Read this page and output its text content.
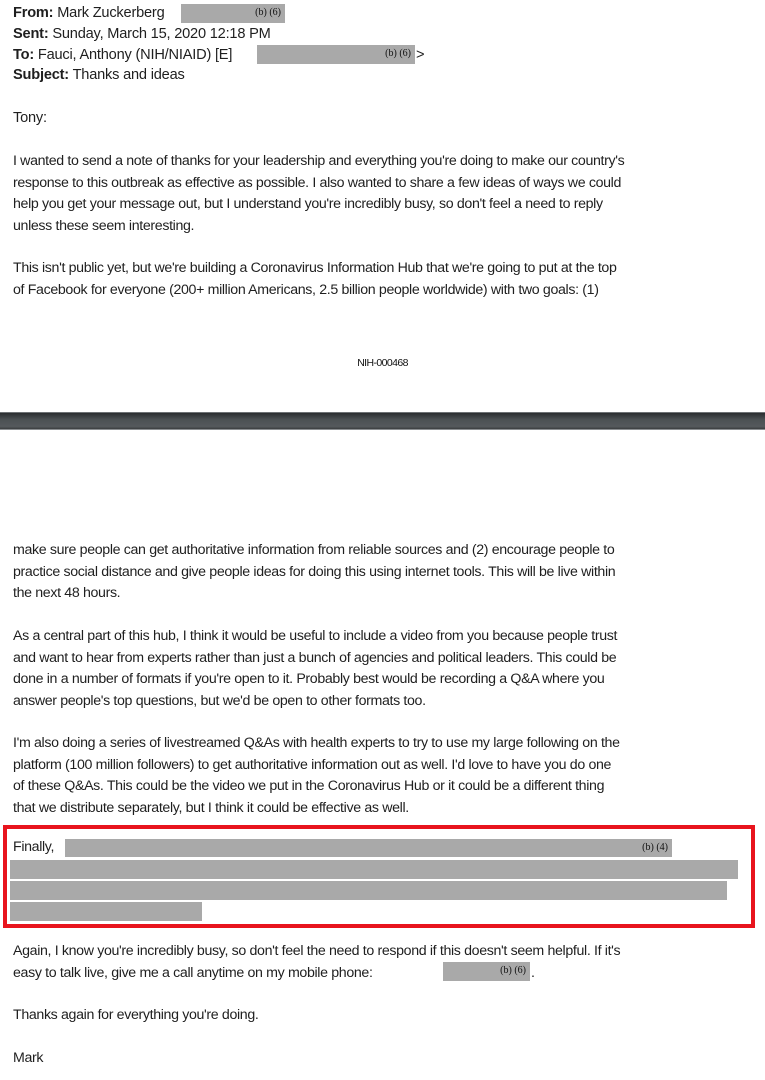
From: Mark Zuckerberg	(b) (6)
Sent: Sunday, March 15, 2020 12:18 PM
To: Fauci, Anthony (NIH/NIAID) [E]	(b) (6) >
Subject: Thanks and ideas
Tony:
I wanted to send a note of thanks for your leadership and everything you're doing to make our country's
response to this outbreak as effective as possible. I also wanted to share a few ideas of ways we could
help you get your message out, but I understand you're incredibly busy, so don't feel a need to reply
unless these seem interesting.
This isn't public yet, but we're building a Coronavirus Information Hub that we're going to put at the top
of Facebook for everyone (200+ million Americans, 2.5 billion people worldwide) with two goals: (1)
NIH-000468
make sure people can get authoritative information from reliable sources and (2) encourage people to
practice social distance and give people ideas for doing this using internet tools. This will be live within
the next 48 hours.
As a central part of this hub, I think it would be useful to include a video from you because people trust
and want to hear from experts rather than just a bunch of agencies and political leaders. This could be
done in a number of formats if you're open to it. Probably best would be recording a Q&A where you
answer people's top questions, but we'd be open to other formats too.
I'm also doing a series of livestreamed Q&As with health experts to try to use my large following on the
platform (100 million followers) to get authoritative information out as well. I'd love to have you do one
of these Q&As. This could be the video we put in the Coronavirus Hub or it could be a different thing
that we distribute separately, but I think it could be effective as well.
Finally,	(b) (4)
Again, I know you're incredibly busy, so don't feel the need to respond if this doesn't seem helpful. If it's
easy to talk live, give me a call anytime on my mobile phone:	(b) (6) .
Thanks again for everything you're doing.
Mark
